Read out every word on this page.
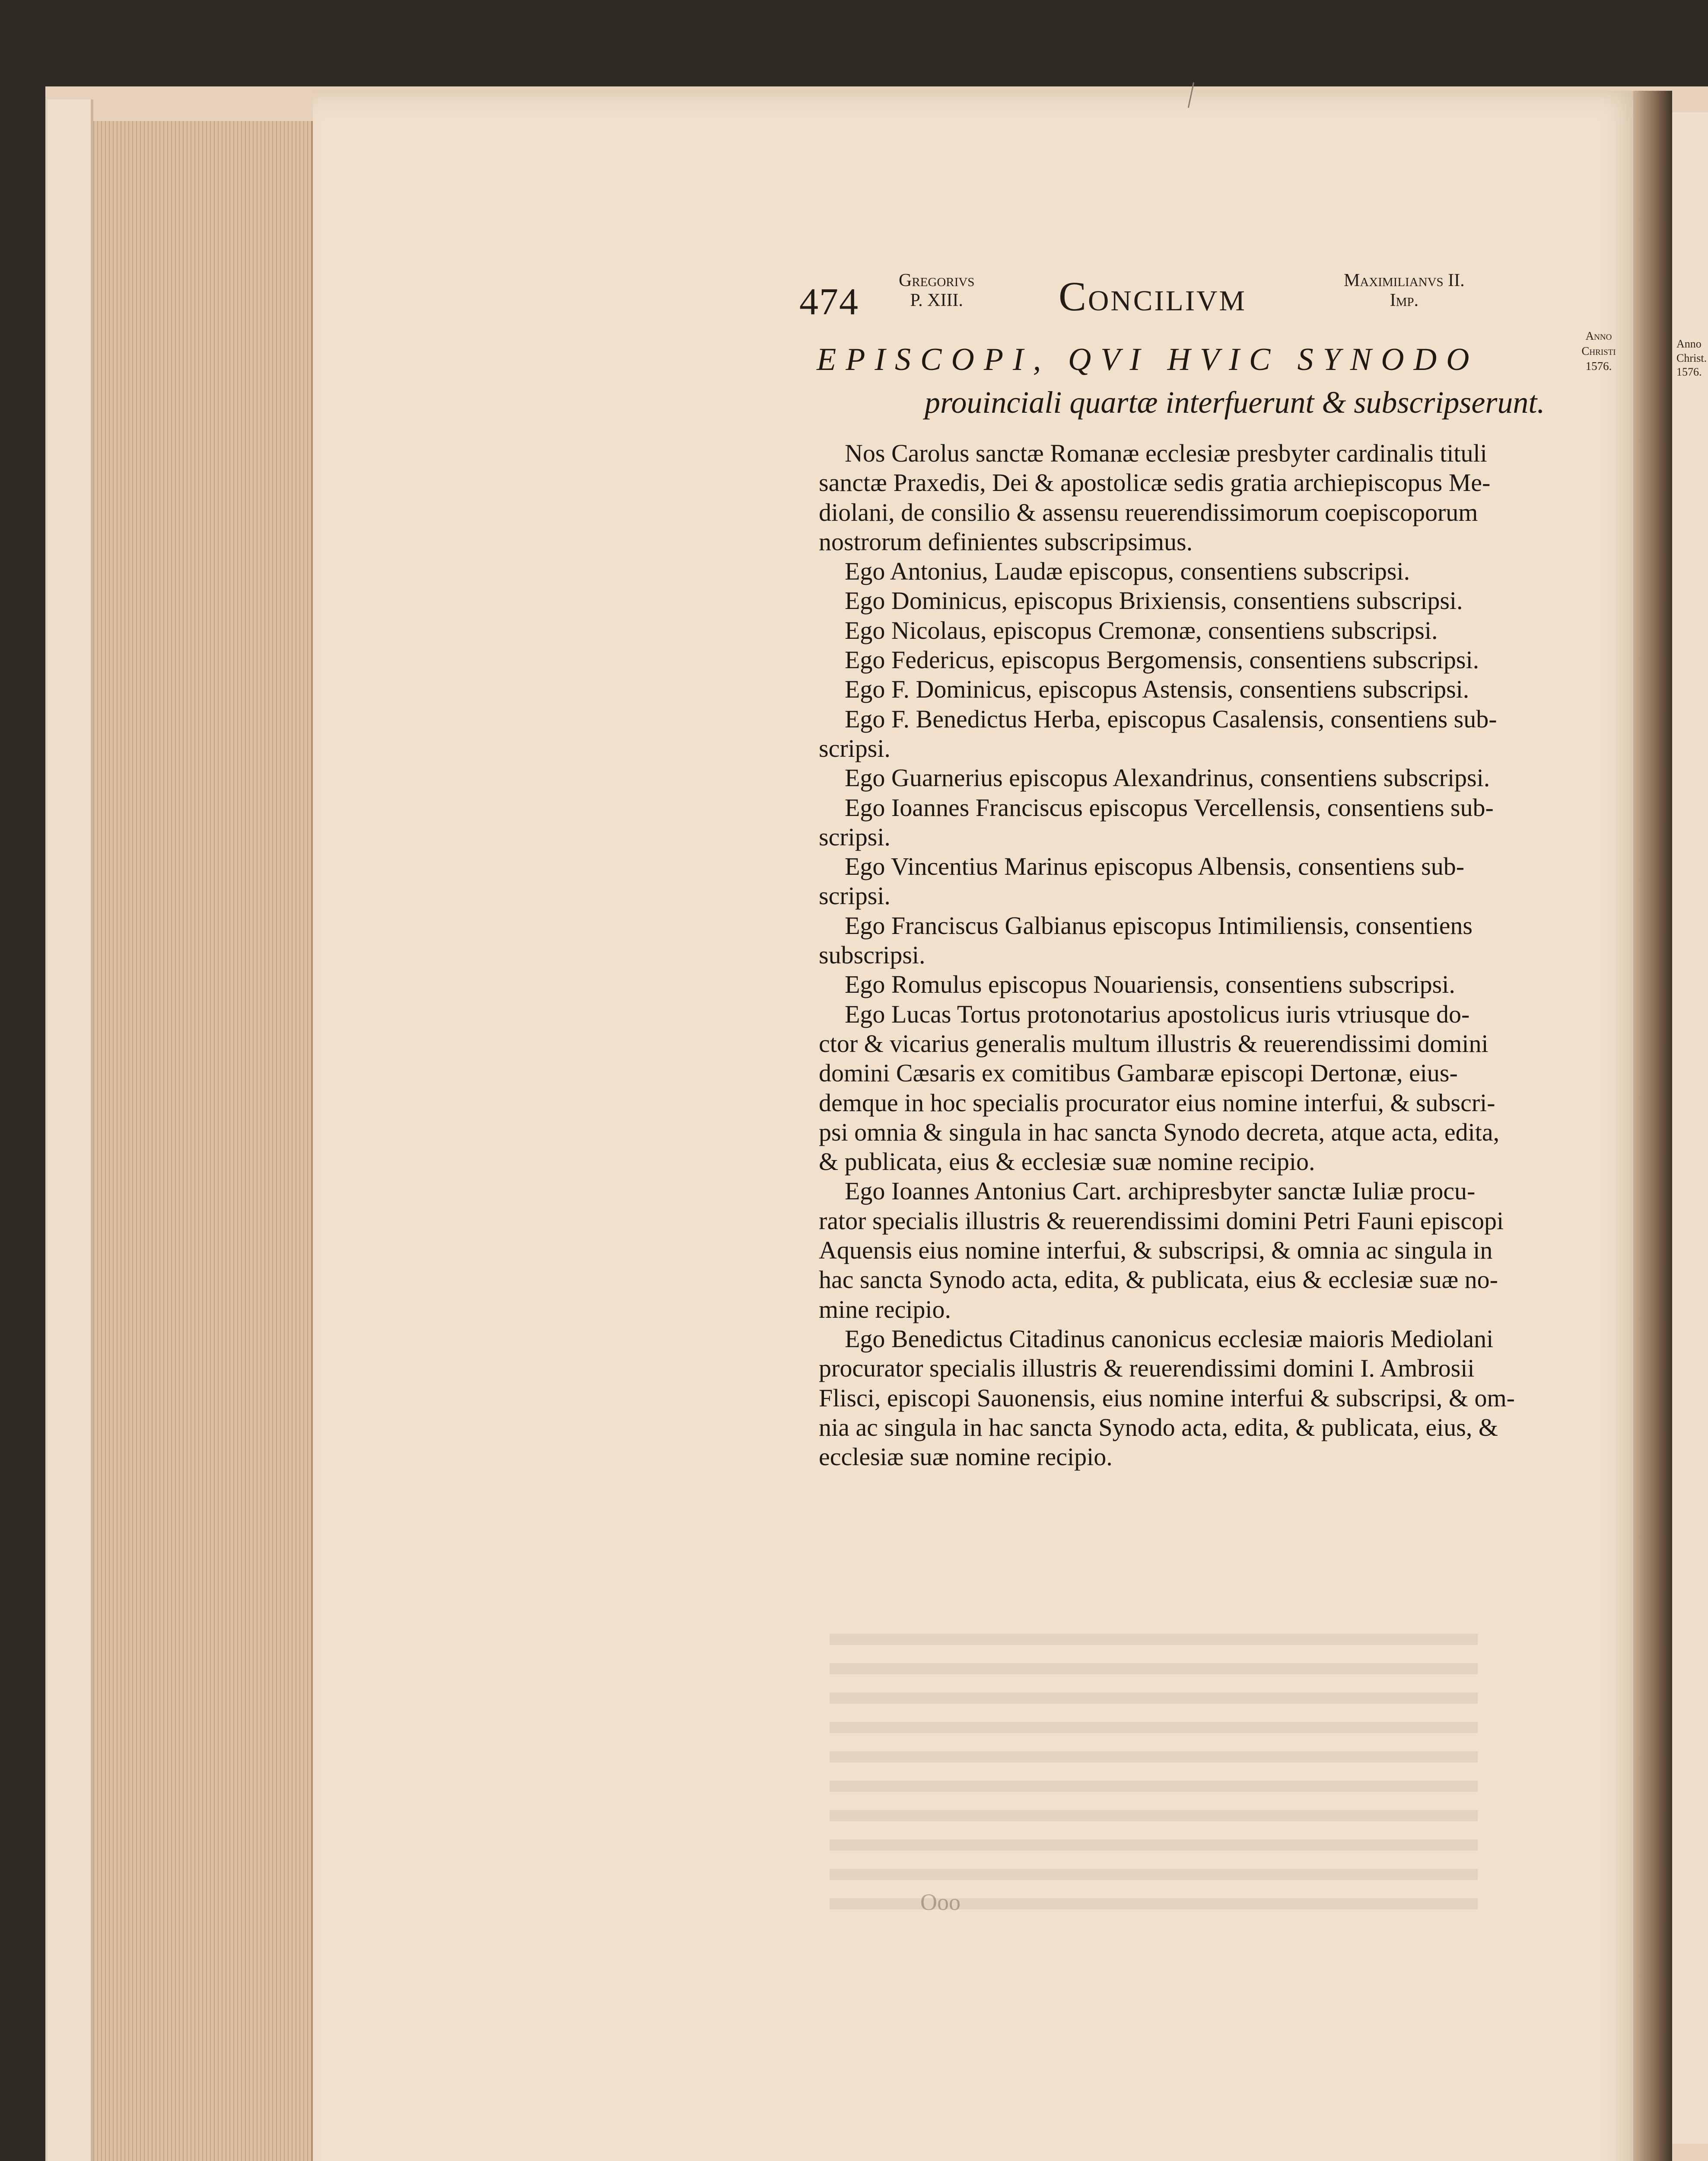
Anno
Christ.
1576.
474
Gregorivs
P. XIII. Concilivm	Maximilianvs II.
Imp.
Anno
Christi
1576.
EPISCOPI, QVI HVIC SYNODO
prouinciali quartæ interfuerunt & subscripserunt.
Nos Carolus sanctæ Romanæ ecclesiæ presbyter cardinalis tituli
sanctæ Praxedis, Dei & apostolicæ sedis gratia archiepiscopus Me-
diolani, de consilio & assensu reuerendissimorum coepiscoporum
nostrorum definientes subscripsimus.
Ego Antonius, Laudæ episcopus, consentiens subscripsi.
Ego Dominicus, episcopus Brixiensis, consentiens subscripsi.
Ego Nicolaus, episcopus Cremonæ, consentiens subscripsi.
Ego Federicus, episcopus Bergomensis, consentiens subscripsi.
Ego F. Dominicus, episcopus Astensis, consentiens subscripsi.
Ego F. Benedictus Herba, episcopus Casalensis, consentiens sub-
scripsi.
Ego Guarnerius episcopus Alexandrinus, consentiens subscripsi.
Ego Ioannes Franciscus episcopus Vercellensis, consentiens sub-
scripsi.
Ego Vincentius Marinus episcopus Albensis, consentiens sub-
scripsi.
Ego Franciscus Galbianus episcopus Intimiliensis, consentiens
subscripsi.
Ego Romulus episcopus Nouariensis, consentiens subscripsi.
Ego Lucas Tortus protonotarius apostolicus iuris vtriusque do-
ctor & vicarius generalis multum illustris & reuerendissimi domini
domini Cæsaris ex comitibus Gambaræ episcopi Dertonæ, eius-
demque in hoc specialis procurator eius nomine interfui, & subscri-
psi omnia & singula in hac sancta Synodo decreta, atque acta, edita,
& publicata, eius & ecclesiæ suæ nomine recipio.
Ego Ioannes Antonius Cart. archipresbyter sanctæ Iuliæ procu-
rator specialis illustris & reuerendissimi domini Petri Fauni episcopi
Aquensis eius nomine interfui, & subscripsi, & omnia ac singula in
hac sancta Synodo acta, edita, & publicata, eius & ecclesiæ suæ no-
mine recipio.
Ego Benedictus Citadinus canonicus ecclesiæ maioris Mediolani
procurator specialis illustris & reuerendissimi domini I. Ambrosii
Flisci, episcopi Sauonensis, eius nomine interfui & subscripsi, & om-
nia ac singula in hac sancta Synodo acta, edita, & publicata, eius, &
ecclesiæ suæ nomine recipio.
Ooo
